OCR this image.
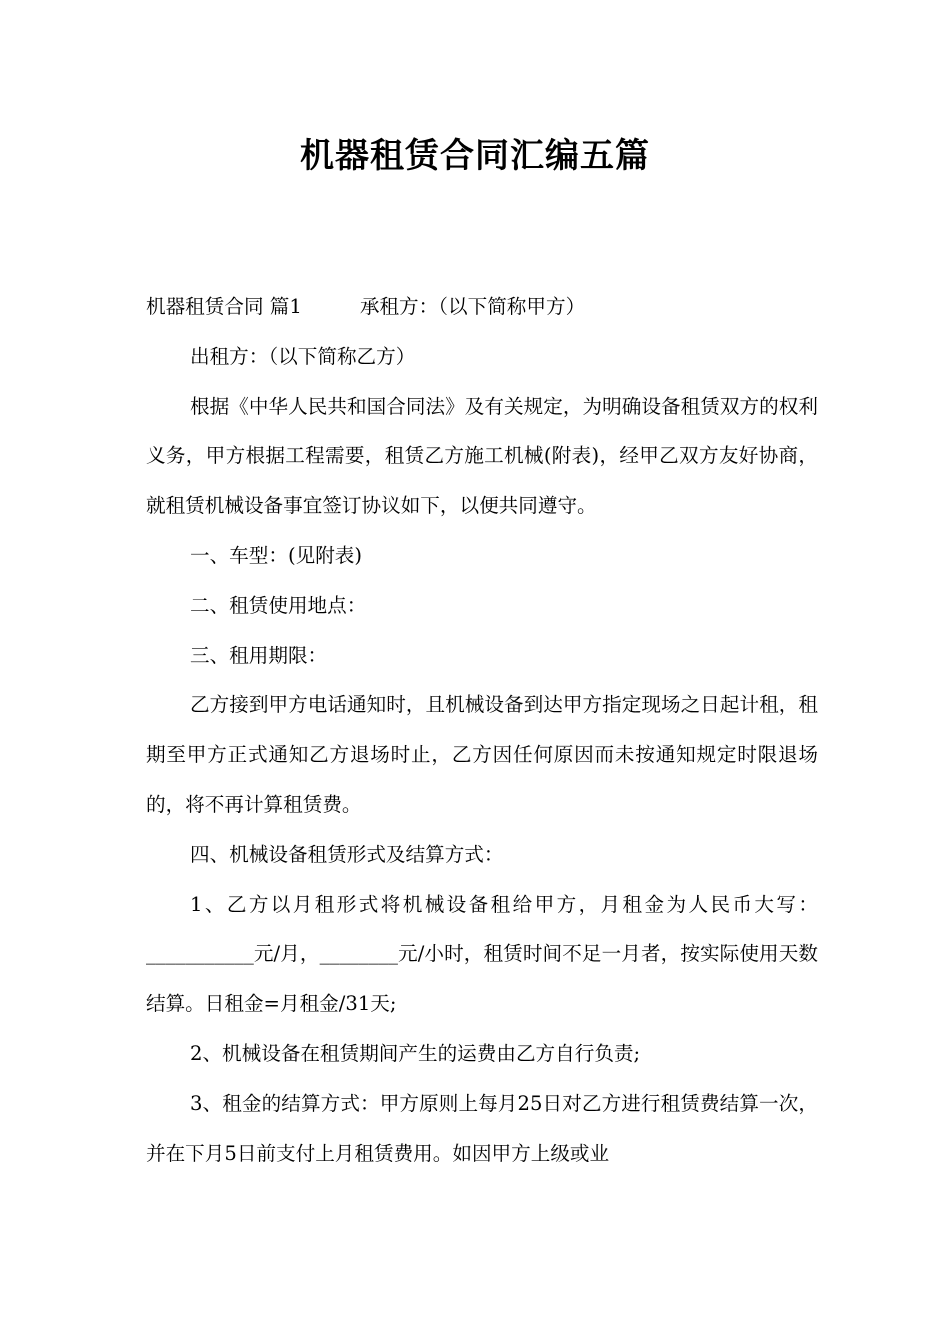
机器租赁合同汇编五篇

机器租赁合同 篇1	承租方：（以下简称甲方）

出租方：（以下简称乙方）

根据《中华人民共和国合同法》及有关规定，为明确设备租赁双方的权利义务，甲方根据工程需要，租赁乙方施工机械(附表)，经甲乙双方友好协商，就租赁机械设备事宜签订协议如下，以便共同遵守。

一、车型：(见附表)

二、租赁使用地点：

三、租用期限：

乙方接到甲方电话通知时，且机械设备到达甲方指定现场之日起计租，租期至甲方正式通知乙方退场时止，乙方因任何原因而未按通知规定时限退场的，将不再计算租赁费。

四、机械设备租赁形式及结算方式：

1、乙方以月租形式将机械设备租给甲方，月租金为人民币大写：___________元/月，________元/小时，租赁时间不足一月者，按实际使用天数结算。日租金=月租金/31天;

2、机械设备在租赁期间产生的运费由乙方自行负责;

3、租金的结算方式：甲方原则上每月25日对乙方进行租赁费结算一次，并在下月5日前支付上月租赁费用。如因甲方上级或业
